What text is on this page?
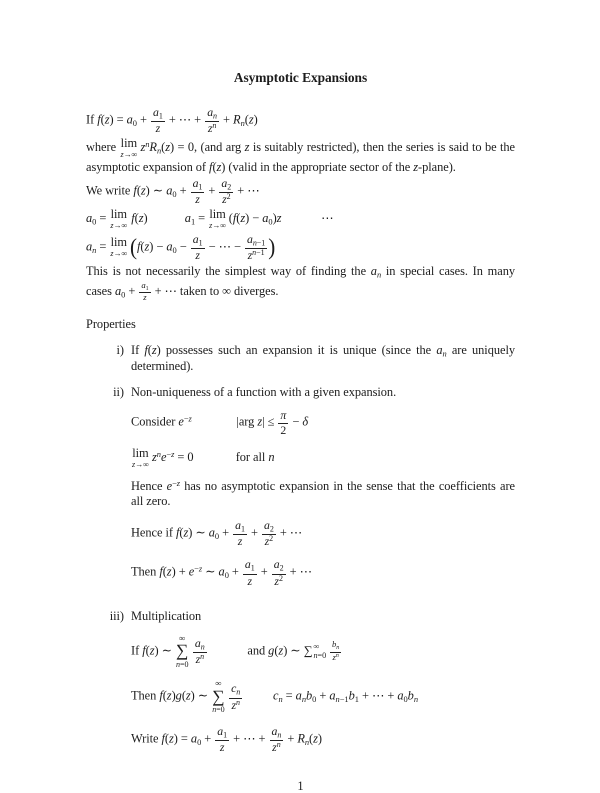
Asymptotic Expansions
If $f(z) = a_0 + \frac{a_1}{z}$ + ⋯ + $\frac{a_n}{z^n} + R_n(z)$
where lim
z→∞
$z^nR_n(z) = 0$, (and arg z is suitably restricted), then the series is said to be the asymptotic expansion of f(z) (valid in the appropriate sector of the z-plane).
We write f(z) ∼ $a_0 + \frac{a_1}{z} + \frac{a_2}{z^2}$ + ⋯
$a_0 = \lim$
z→∞
f(z)	$a_1 = \lim$
z→∞
$(f(z) - a_0)z$	⋯
$a_n = \lim$
z→∞ ($f(z) - a_0 - \frac{a_1}{z}$ − ⋯ − $\frac{a_{n-1}}{z^{n-1}}$ )
This is not necessarily the simplest way of finding the $a_n$ in special cases. In many cases $a_0 + \frac{a_1}{z}$ + ⋯ taken to ∞ diverges.
Properties
i) If f(z) possesses such an expansion it is unique (since the $a_n$ are uniquely determined).
ii) Non-uniqueness of a function with a given expansion.
Consider $e^{-z}$	|arg $z| \le \frac{\pi}{2} - \delta$
lim
z→∞
$z^ne^{-z} = 0$	for all n
Hence $e^{-z}$ has no asymptotic expansion in the sense that the coefficients are all zero.
Hence if f(z) ∼ $a_0 + \frac{a_1}{z} + \frac{a_2}{z^2}$ + ⋯
Then $f(z) + e^{-z}$ ∼ $a_0 + \frac{a_1}{z} + \frac{a_2}{z^2}$ + ⋯
iii) Multiplication
If f(z) ∼
∞
∑
$n=0 \frac{a_n}{z^n}$	and g(z) ∼ ∑ ∞
$n=0 \frac{b_n}{z^n}$
Then f(z)g(z) ∼
∞
∑
$n=0 \frac{c_n}{z^n} c_n = a_nb_0 + a_{n-1}b_1$ + ⋯ + $a_0b_n$
Write $f(z) = a_0 + \frac{a_1}{z}$ + ⋯ + $\frac{a_n}{z^n} + R_n(z)$
1
